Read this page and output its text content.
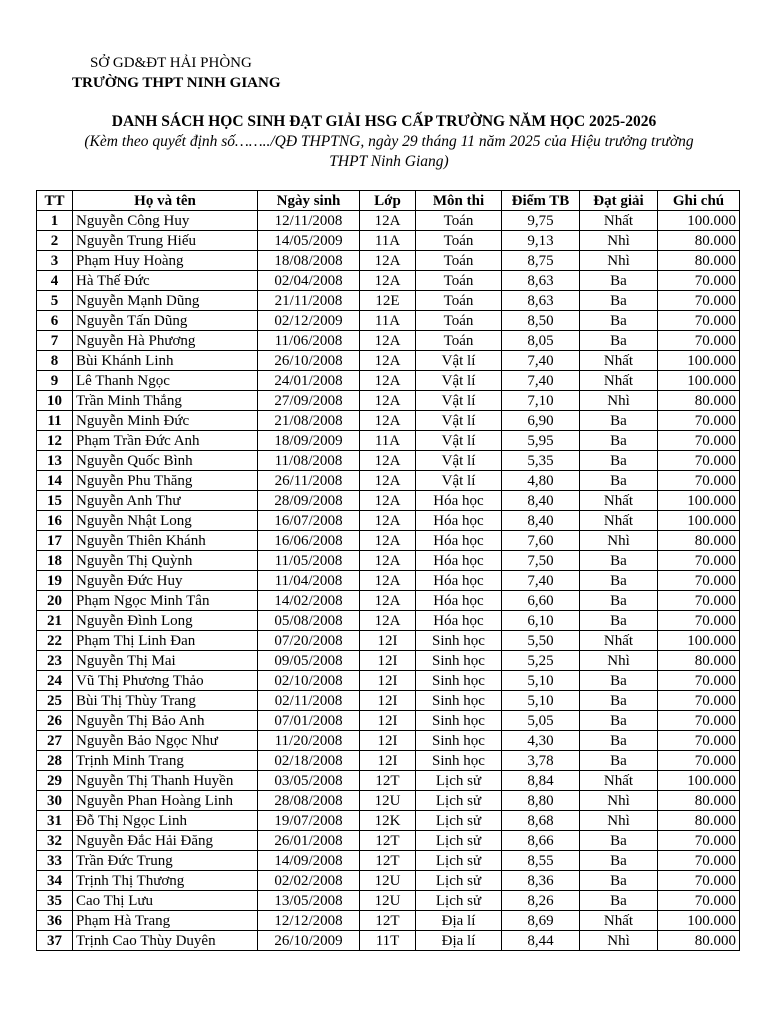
SỞ GD&ĐT HẢI PHÒNG
TRƯỜNG THPT NINH GIANG
DANH SÁCH HỌC SINH ĐẠT GIẢI HSG CẤP TRƯỜNG NĂM HỌC 2025-2026
(Kèm theo quyết định số……../QĐ THPTNG, ngày 29 tháng 11 năm 2025 của Hiệu trưởng trường THPT Ninh Giang)
TT	Họ và tên	Ngày sinh	Lớp	Môn thi	Điểm TB	Đạt giải	Ghi chú
1	Nguyễn Công Huy	12/11/2008	12A	Toán	9,75	Nhất	100.000
2	Nguyễn Trung Hiếu	14/05/2009	11A	Toán	9,13	Nhì	80.000
3	Phạm Huy Hoàng	18/08/2008	12A	Toán	8,75	Nhì	80.000
4	Hà Thế Đức	02/04/2008	12A	Toán	8,63	Ba	70.000
5	Nguyễn Mạnh Dũng	21/11/2008	12E	Toán	8,63	Ba	70.000
6	Nguyễn Tấn Dũng	02/12/2009	11A	Toán	8,50	Ba	70.000
7	Nguyễn Hà Phương	11/06/2008	12A	Toán	8,05	Ba	70.000
8	Bùi Khánh Linh	26/10/2008	12A	Vật lí	7,40	Nhất	100.000
9	Lê Thanh Ngọc	24/01/2008	12A	Vật lí	7,40	Nhất	100.000
10	Trần Minh Thắng	27/09/2008	12A	Vật lí	7,10	Nhì	80.000
11	Nguyễn Minh Đức	21/08/2008	12A	Vật lí	6,90	Ba	70.000
12	Phạm Trần Đức Anh	18/09/2009	11A	Vật lí	5,95	Ba	70.000
13	Nguyễn Quốc Bình	11/08/2008	12A	Vật lí	5,35	Ba	70.000
14	Nguyễn Phu Thăng	26/11/2008	12A	Vật lí	4,80	Ba	70.000
15	Nguyễn Anh Thư	28/09/2008	12A	Hóa học	8,40	Nhất	100.000
16	Nguyễn Nhật Long	16/07/2008	12A	Hóa học	8,40	Nhất	100.000
17	Nguyễn Thiên Khánh	16/06/2008	12A	Hóa học	7,60	Nhì	80.000
18	Nguyễn Thị Quỳnh	11/05/2008	12A	Hóa học	7,50	Ba	70.000
19	Nguyễn Đức Huy	11/04/2008	12A	Hóa học	7,40	Ba	70.000
20	Phạm Ngọc Minh Tân	14/02/2008	12A	Hóa học	6,60	Ba	70.000
21	Nguyễn Đình Long	05/08/2008	12A	Hóa học	6,10	Ba	70.000
22	Phạm Thị Linh Đan	07/20/2008	12I	Sinh học	5,50	Nhất	100.000
23	Nguyễn Thị Mai	09/05/2008	12I	Sinh học	5,25	Nhì	80.000
24	Vũ Thị Phương Thảo	02/10/2008	12I	Sinh học	5,10	Ba	70.000
25	Bùi Thị Thùy Trang	02/11/2008	12I	Sinh học	5,10	Ba	70.000
26	Nguyễn Thị Bảo Anh	07/01/2008	12I	Sinh học	5,05	Ba	70.000
27	Nguyễn Bảo Ngọc Như	11/20/2008	12I	Sinh học	4,30	Ba	70.000
28	Trịnh Minh Trang	02/18/2008	12I	Sinh học	3,78	Ba	70.000
29	Nguyễn Thị Thanh Huyền	03/05/2008	12T	Lịch sử	8,84	Nhất	100.000
30	Nguyễn Phan Hoàng Linh	28/08/2008	12U	Lịch sử	8,80	Nhì	80.000
31	Đỗ Thị Ngọc Linh	19/07/2008	12K	Lịch sử	8,68	Nhì	80.000
32	Nguyễn Đắc Hải Đăng	26/01/2008	12T	Lịch sử	8,66	Ba	70.000
33	Trần Đức Trung	14/09/2008	12T	Lịch sử	8,55	Ba	70.000
34	Trịnh Thị Thương	02/02/2008	12U	Lịch sử	8,36	Ba	70.000
35	Cao Thị Lưu	13/05/2008	12U	Lịch sử	8,26	Ba	70.000
36	Phạm Hà Trang	12/12/2008	12T	Địa lí	8,69	Nhất	100.000
37	Trịnh Cao Thùy Duyên	26/10/2009	11T	Địa lí	8,44	Nhì	80.000
